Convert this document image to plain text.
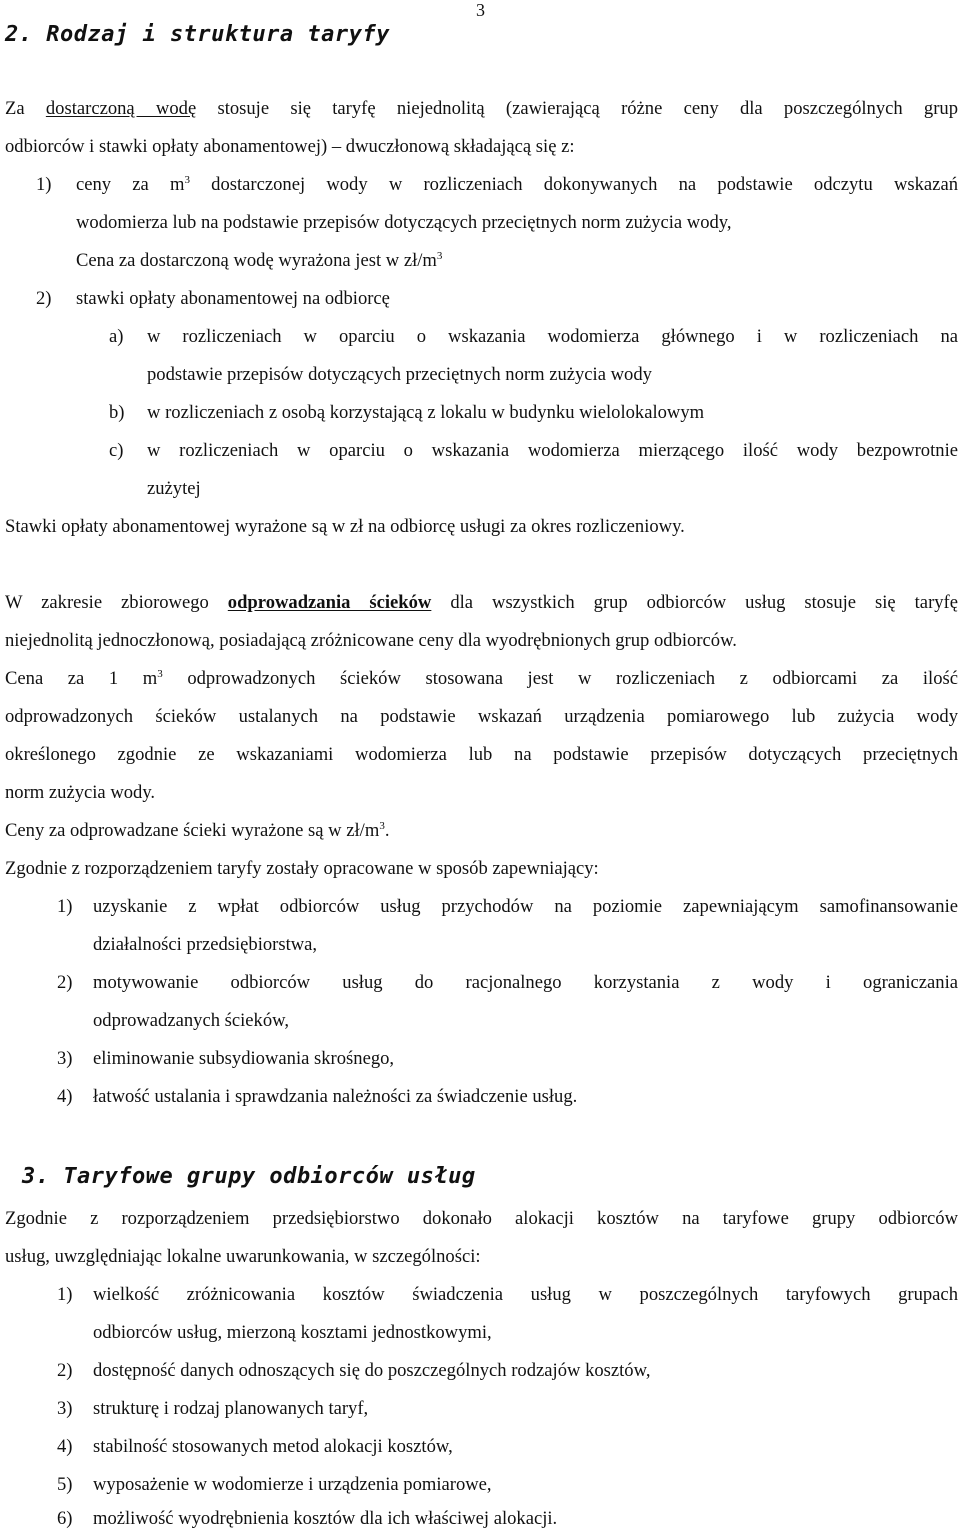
2. Rodzaj i struktura taryfy
3
Za dostarczoną wodę stosuje się taryfę niejednolitą (zawierającą różne ceny dla poszczególnych grup
odbiorców i stawki opłaty abonamentowej) – dwuczłonową składającą się z:
1) ceny za $m^3$ dostarczonej wody w rozliczeniach dokonywanych na podstawie odczytu wskazań
wodomierza lub na podstawie przepisów dotyczących przeciętnych norm zużycia wody,
Cena za dostarczoną wodę wyrażona jest w $zł/m^3$
2) stawki opłaty abonamentowej na odbiorcę
a) w rozliczeniach w oparciu o wskazania wodomierza głównego i w rozliczeniach na
podstawie przepisów dotyczących przeciętnych norm zużycia wody
b) w rozliczeniach z osobą korzystającą z lokalu w budynku wielolokalowym
c) w rozliczeniach w oparciu o wskazania wodomierza mierzącego ilość wody bezpowrotnie
zużytej
Stawki opłaty abonamentowej wyrażone są w zł na odbiorcę usługi za okres rozliczeniowy.
W zakresie zbiorowego odprowadzania ścieków dla wszystkich grup odbiorców usług stosuje się taryfę
niejednolitą jednoczłonową, posiadającą zróżnicowane ceny dla wyodrębnionych grup odbiorców.
Cena za 1 $m^3$ odprowadzonych ścieków stosowana jest w rozliczeniach z odbiorcami za ilość
odprowadzonych ścieków ustalanych na podstawie wskazań urządzenia pomiarowego lub zużycia wody
określonego zgodnie ze wskazaniami wodomierza lub na podstawie przepisów dotyczących przeciętnych
norm zużycia wody.
Ceny za odprowadzane ścieki wyrażone są w $zł/m^3$.
Zgodnie z rozporządzeniem taryfy zostały opracowane w sposób zapewniający:
1) uzyskanie z wpłat odbiorców usług przychodów na poziomie zapewniającym samofinansowanie
działalności przedsiębiorstwa,
2) motywowanie odbiorców usług do racjonalnego korzystania z wody i ograniczania
odprowadzanych ścieków,
3) eliminowanie subsydiowania skrośnego,
4) łatwość ustalania i sprawdzania należności za świadczenie usług.
3. Taryfowe grupy odbiorców usług
Zgodnie z rozporządzeniem przedsiębiorstwo dokonało alokacji kosztów na taryfowe grupy odbiorców
usług, uwzględniając lokalne uwarunkowania, w szczególności:
1) wielkość zróżnicowania kosztów świadczenia usług w poszczególnych taryfowych grupach
odbiorców usług, mierzoną kosztami jednostkowymi,
2) dostępność danych odnoszących się do poszczególnych rodzajów kosztów,
3) strukturę i rodzaj planowanych taryf,
4) stabilność stosowanych metod alokacji kosztów,
5) wyposażenie w wodomierze i urządzenia pomiarowe,
6) możliwość wyodrębnienia kosztów dla ich właściwej alokacji.
